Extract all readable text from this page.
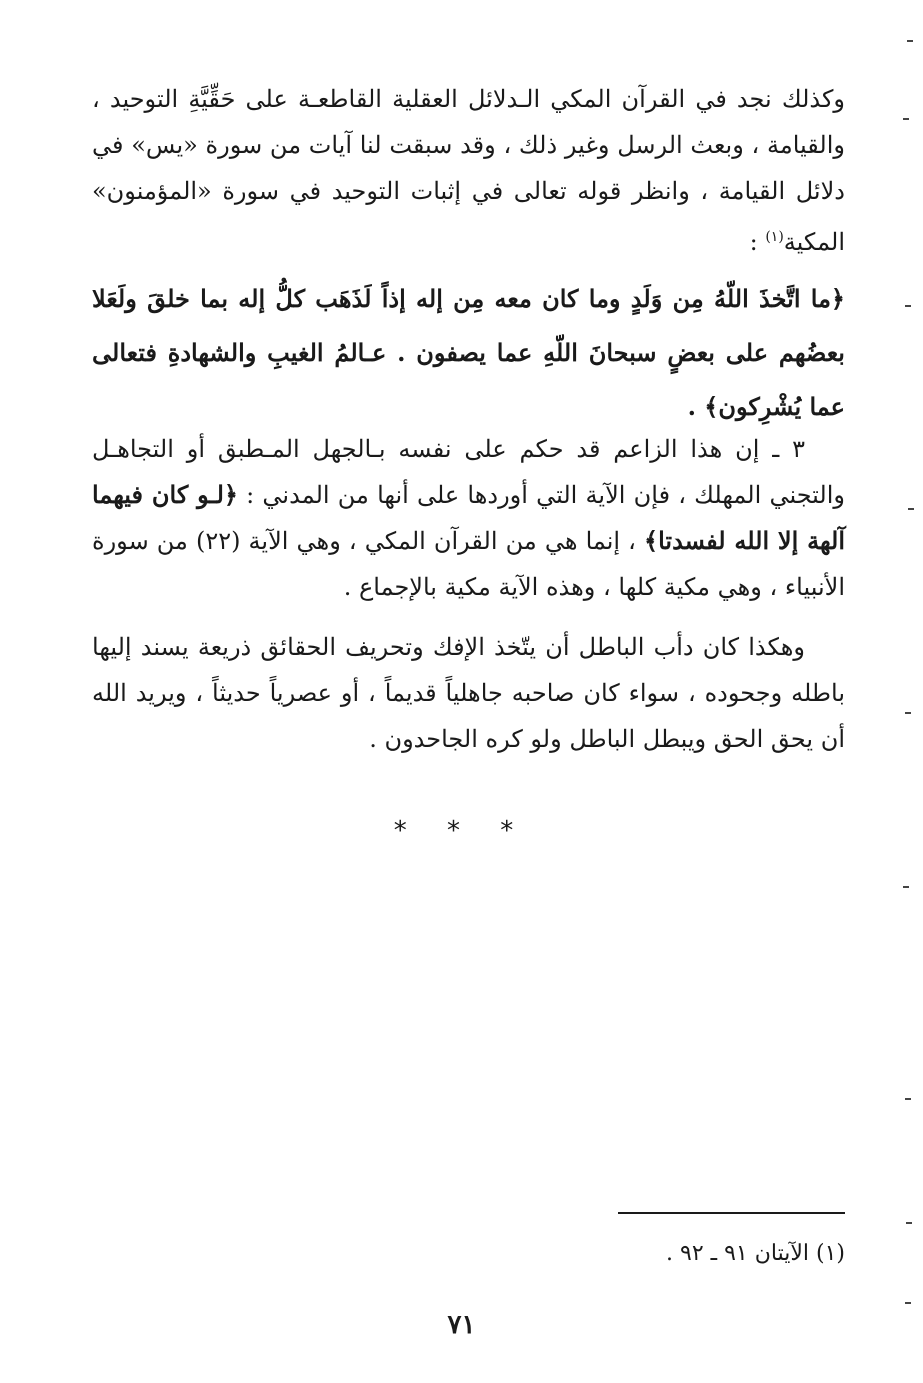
وكذلك نجد في القرآن المكي الـدلائل العقلية القاطعـة على حَقِّيَّةِ التوحيد ، والقيامة ، وبعث الرسل وغير ذلك ، وقد سبقت لنا آيات من سورة «يس» في دلائل القيامة ، وانظر قوله تعالى في إثبات التوحيد في سورة «المؤمنون» المكية$^{(١)}$ :

﴿ما اتَّخذَ اللّهُ مِن وَلَدٍ وما كان معه مِن إله إذاً لَذَهَب كلُّ إله بما خلقَ ولَعَلا بعضُهم على بعضٍ سبحانَ اللّهِ عما يصفون . عـالمُ الغيبِ والشهادةِ فتعالى عما يُشْرِكون﴾ .

٣ ـ إن هذا الزاعم قد حكم على نفسه بـالجهل المـطبق أو التجاهـل والتجني المهلك ، فإن الآية التي أوردها على أنها من المدني : ﴿لـو كان فيهما آلهة إلا الله لفسدتا﴾ ، إنما هي من القرآن المكي ، وهي الآية (٢٢) من سورة الأنبياء ، وهي مكية كلها ، وهذه الآية مكية بالإجماع .

وهكذا كان دأب الباطل أن يتّخذ الإفك وتحريف الحقائق ذريعة يسند إليها باطله وجحوده ، سواء كان صاحبه جاهلياً قديماً ، أو عصرياً حديثاً ، ويريد الله أن يحق الحق ويبطل الباطل ولو كره الجاحدون .

* * *
(١) الآيتان ٩١ ـ ٩٢ .
٧١
